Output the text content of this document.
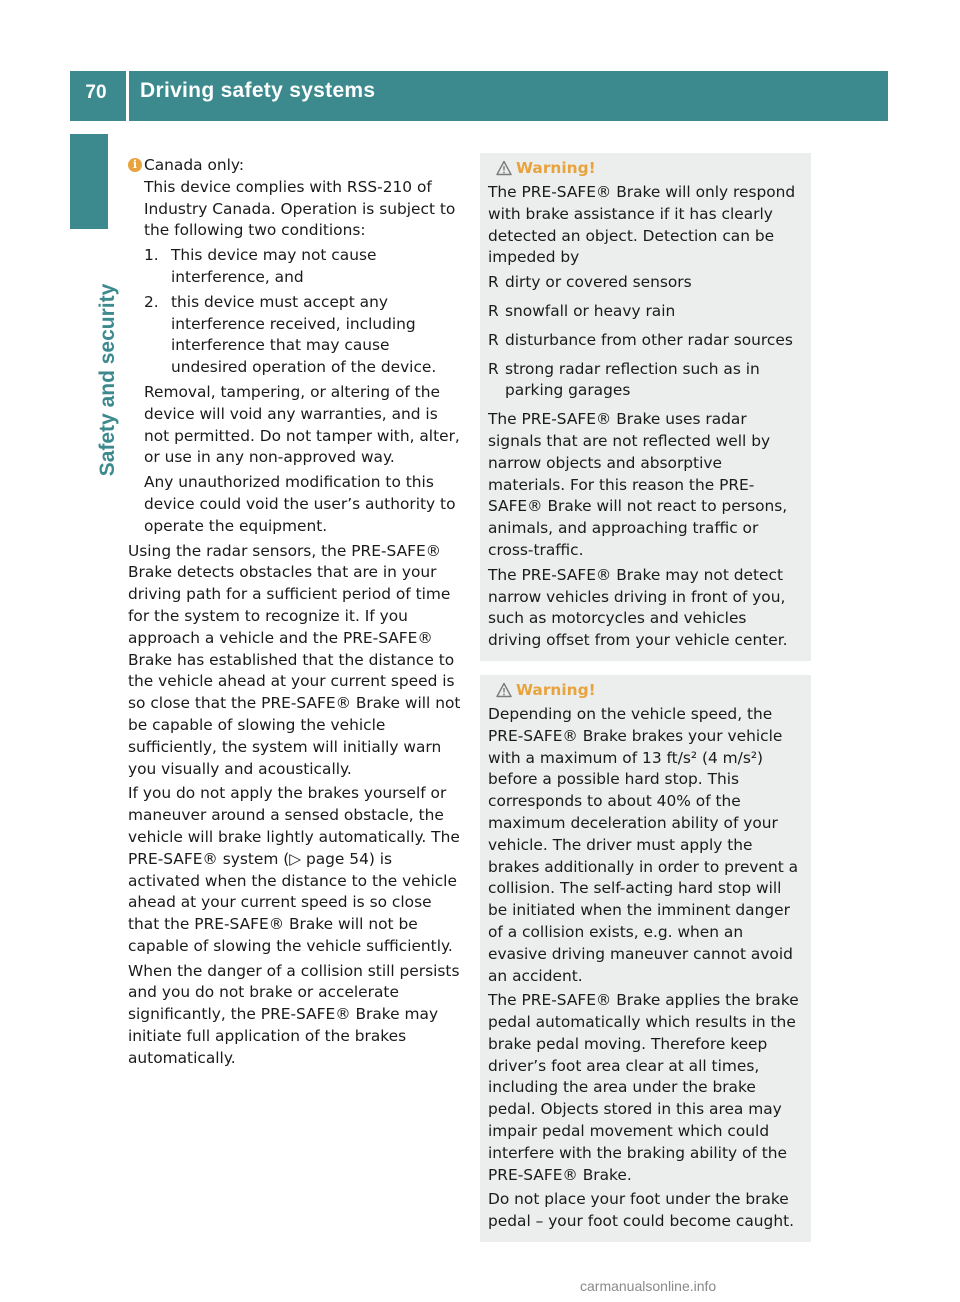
70	Driving safety systems
Safety and security

i Canada only:

This device complies with RSS-210 of Industry Canada. Operation is subject to the following two conditions:

1. This device may not cause interference, and
2. this device must accept any interference received, including interference that may cause undesired operation of the device.

Removal, tampering, or altering of the device will void any warranties, and is not permitted. Do not tamper with, alter, or use in any non-approved way.

Any unauthorized modification to this device could void the user’s authority to operate the equipment.

Using the radar sensors, the PRE-SAFE® Brake detects obstacles that are in your driving path for a sufficient period of time for the system to recognize it. If you approach a vehicle and the PRE-SAFE® Brake has established that the distance to the vehicle ahead at your current speed is so close that the PRE-SAFE® Brake will not be capable of slowing the vehicle sufficiently, the system will initially warn you visually and acoustically.

If you do not apply the brakes yourself or maneuver around a sensed obstacle, the vehicle will brake lightly automatically. The PRE-SAFE® system (▷ page 54) is activated when the distance to the vehicle ahead at your current speed is so close that the PRE-SAFE® Brake will not be capable of slowing the vehicle sufficiently.

When the danger of a collision still persists and you do not brake or accelerate significantly, the PRE-SAFE® Brake may initiate full application of the brakes automatically.

Warning!

The PRE-SAFE® Brake will only respond with brake assistance if it has clearly detected an object. Detection can be impeded by

R dirty or covered sensors
R snowfall or heavy rain
R disturbance from other radar sources
R strong radar reflection such as in parking garages

The PRE-SAFE® Brake uses radar signals that are not reflected well by narrow objects and absorptive materials. For this reason the PRE-SAFE® Brake will not react to persons, animals, and approaching traffic or cross-traffic.

The PRE-SAFE® Brake may not detect narrow vehicles driving in front of you, such as motorcycles and vehicles driving offset from your vehicle center.

Warning!

Depending on the vehicle speed, the PRE-SAFE® Brake brakes your vehicle with a maximum of 13 ft/s² (4 m/s²) before a possible hard stop. This corresponds to about 40% of the maximum deceleration ability of your vehicle. The driver must apply the brakes additionally in order to prevent a collision. The self-acting hard stop will be initiated when the imminent danger of a collision exists, e.g. when an evasive driving maneuver cannot avoid an accident.

The PRE-SAFE® Brake applies the brake pedal automatically which results in the brake pedal moving. Therefore keep driver’s foot area clear at all times, including the area under the brake pedal. Objects stored in this area may impair pedal movement which could interfere with the braking ability of the PRE-SAFE® Brake.

Do not place your foot under the brake pedal – your foot could become caught.

carmanualsonline.info
